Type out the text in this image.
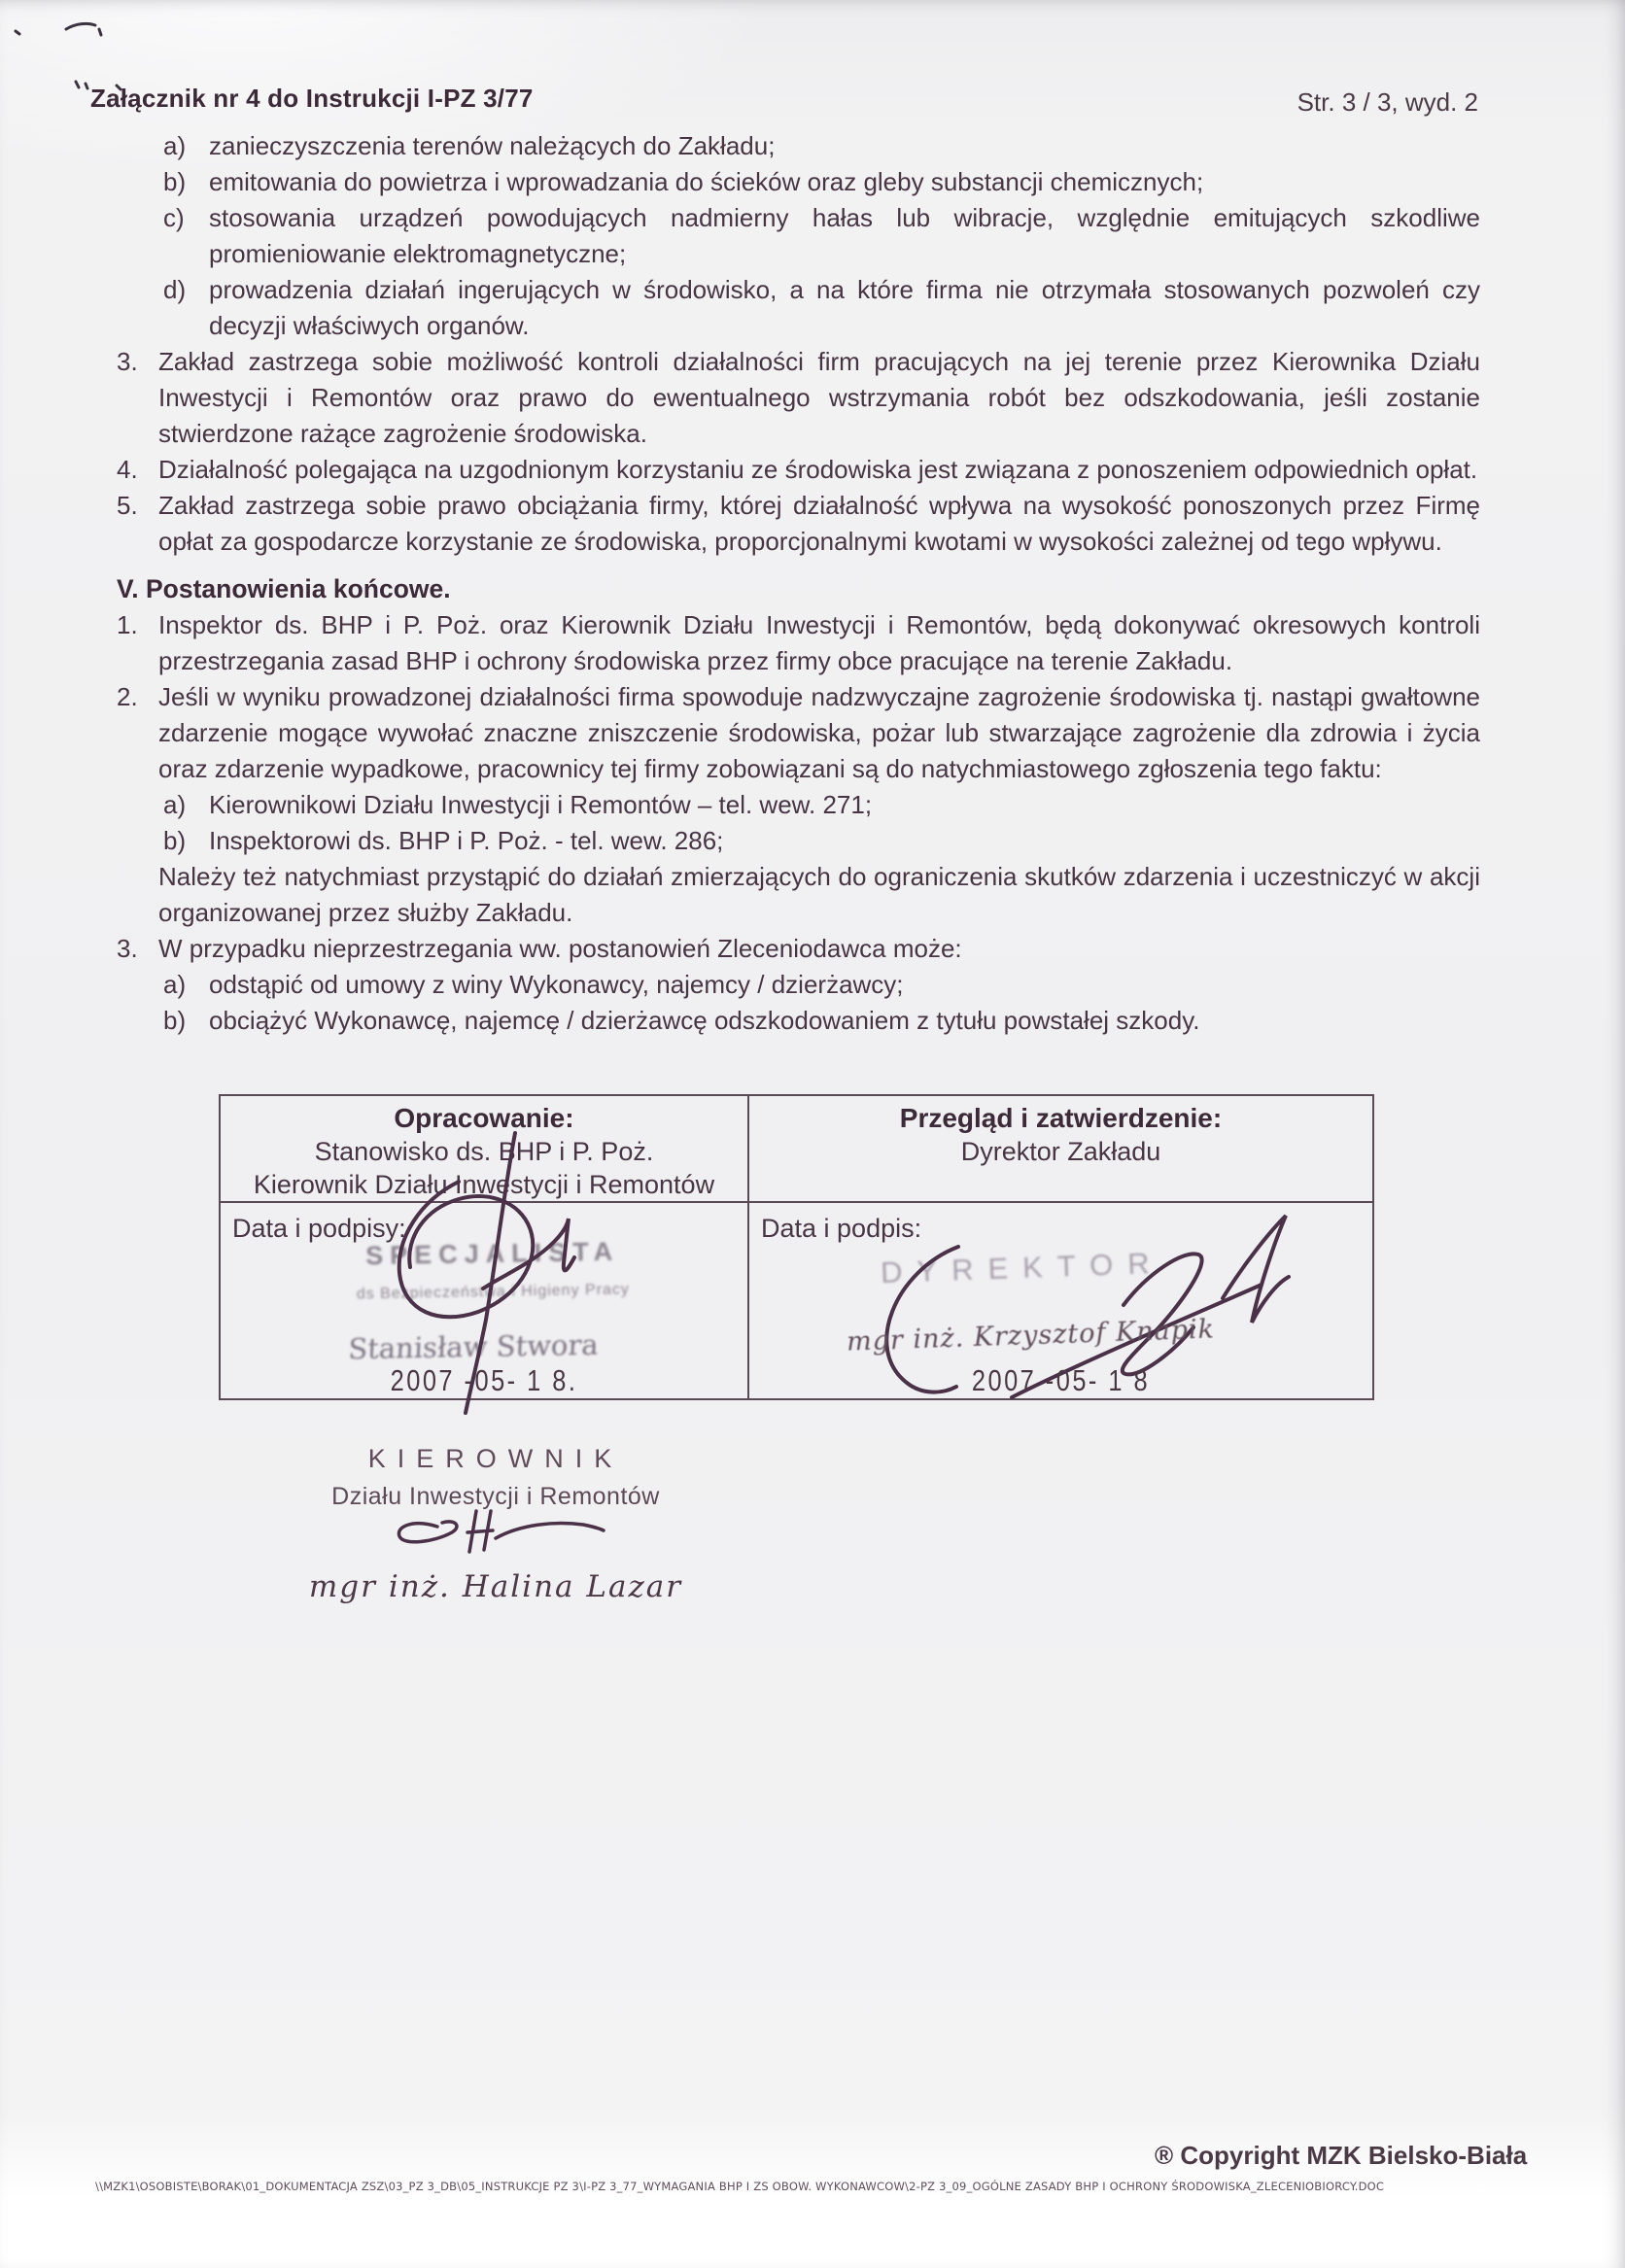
Załącznik nr 4 do Instrukcji I-PZ 3/77	Str. 3 / 3, wyd. 2
a) zanieczyszczenia terenów należących do Zakładu;
b) emitowania do powietrza i wprowadzania do ścieków oraz gleby substancji chemicznych;
c) stosowania urządzeń powodujących nadmierny hałas lub wibracje, względnie emitujących szkodliwe promieniowanie elektromagnetyczne;
d) prowadzenia działań ingerujących w środowisko, a na które firma nie otrzymała stosowanych pozwoleń czy decyzji właściwych organów.
3. Zakład zastrzega sobie możliwość kontroli działalności firm pracujących na jej terenie przez Kierownika Działu Inwestycji i Remontów oraz prawo do ewentualnego wstrzymania robót bez odszkodowania, jeśli zostanie stwierdzone rażące zagrożenie środowiska.
4. Działalność polegająca na uzgodnionym korzystaniu ze środowiska jest związana z ponoszeniem odpowiednich opłat.
5. Zakład zastrzega sobie prawo obciążania firmy, której działalność wpływa na wysokość ponoszonych przez Firmę opłat za gospodarcze korzystanie ze środowiska, proporcjonalnymi kwotami w wysokości zależnej od tego wpływu.
V. Postanowienia końcowe.
1. Inspektor ds. BHP i P. Poż. oraz Kierownik Działu Inwestycji i Remontów, będą dokonywać okresowych kontroli przestrzegania zasad BHP i ochrony środowiska przez firmy obce pracujące na terenie Zakładu.
2. Jeśli w wyniku prowadzonej działalności firma spowoduje nadzwyczajne zagrożenie środowiska tj. nastąpi gwałtowne zdarzenie mogące wywołać znaczne zniszczenie środowiska, pożar lub stwarzające zagrożenie dla zdrowia i życia oraz zdarzenie wypadkowe, pracownicy tej firmy zobowiązani są do natychmiastowego zgłoszenia tego faktu:
a) Kierownikowi Działu Inwestycji i Remontów – tel. wew. 271;
b) Inspektorowi ds. BHP i P. Poż. - tel. wew. 286;
Należy też natychmiast przystąpić do działań zmierzających do ograniczenia skutków zdarzenia i uczestniczyć w akcji organizowanej przez służby Zakładu.
3. W przypadku nieprzestrzegania ww. postanowień Zleceniodawca może:
a) odstąpić od umowy z winy Wykonawcy, najemcy / dzierżawcy;
b) obciążyć Wykonawcę, najemcę / dzierżawcę odszkodowaniem z tytułu powstałej szkody.
Opracowanie:
Stanowisko ds. BHP i P. Poż.
Kierownik Działu Inwestycji i Remontów

Przegląd i zatwierdzenie:
Dyrektor Zakładu

Data i podpisy:
SPECJALISTA
ds Bezpieczeństwa i Higieny Pracy
Stanisław Stwora
2007 -05- 1 8.

Data i podpis:
DYREKTOR
mgr inż. Krzysztof Knapik
2007 -05- 1 8
KIEROWNIK
Działu Inwestycji i Remontów
mgr inż. Halina Lazar
\\MZK1\OSOBISTE\BORAK\01_DOKUMENTACJA ZSZ\03_PZ 3_DB\05_INSTRUKCJE PZ 3\I-PZ 3_77_WYMAGANIA BHP I ZS OBOW. WYKONAWCOW\2-PZ 3_09_OGÓLNE ZASADY BHP I OCHRONY ŚRODOWISKA_ZLECENIOBIORCY.DOC
® Copyright MZK Bielsko-Biała
